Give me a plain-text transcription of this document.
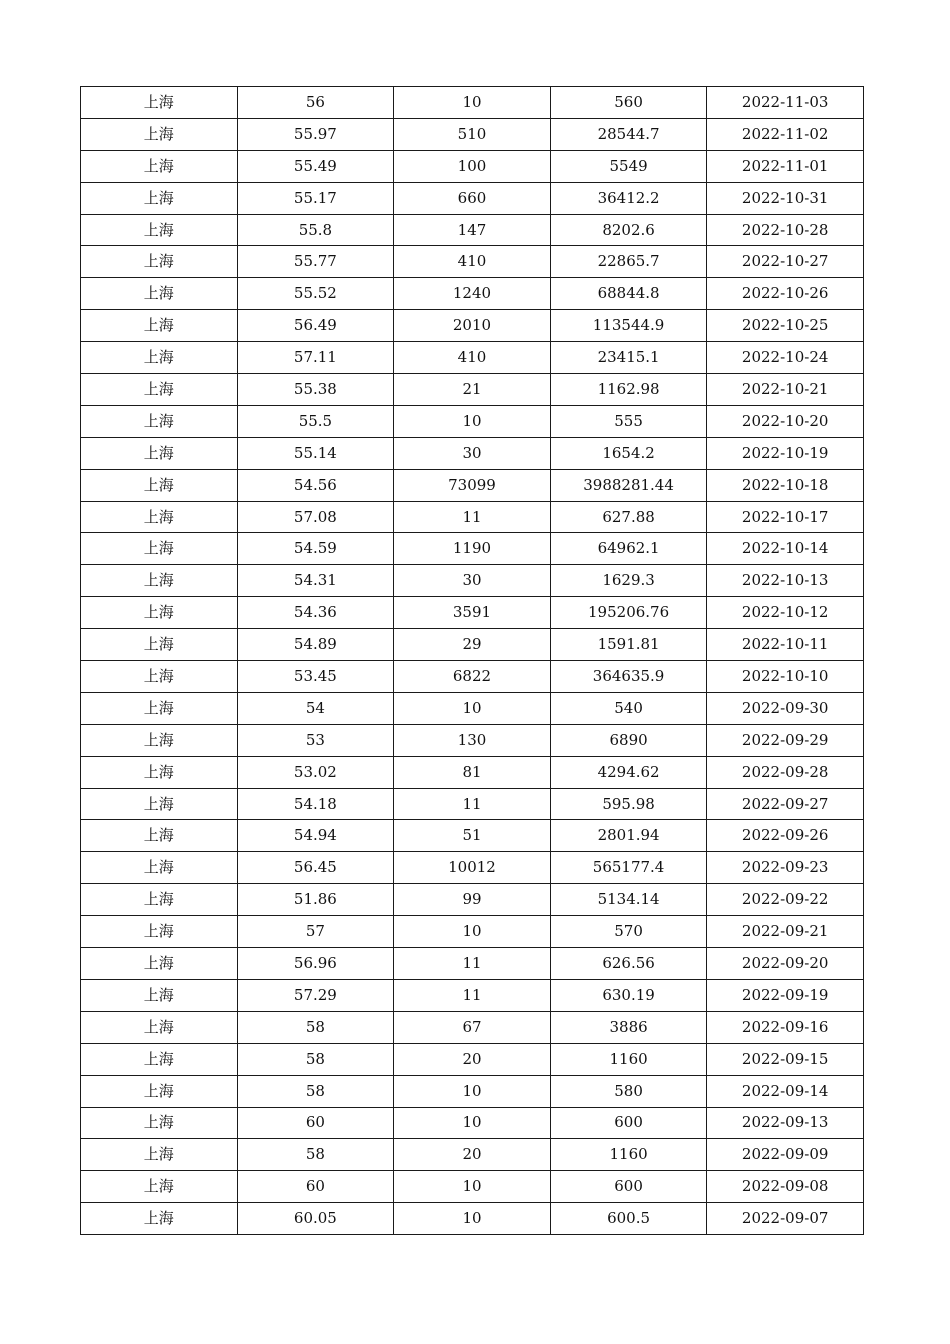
上海	56	10	560	2022-11-03
上海	55.97	510	28544.7	2022-11-02
上海	55.49	100	5549	2022-11-01
上海	55.17	660	36412.2	2022-10-31
上海	55.8	147	8202.6	2022-10-28
上海	55.77	410	22865.7	2022-10-27
上海	55.52	1240	68844.8	2022-10-26
上海	56.49	2010	113544.9	2022-10-25
上海	57.11	410	23415.1	2022-10-24
上海	55.38	21	1162.98	2022-10-21
上海	55.5	10	555	2022-10-20
上海	55.14	30	1654.2	2022-10-19
上海	54.56	73099	3988281.44	2022-10-18
上海	57.08	11	627.88	2022-10-17
上海	54.59	1190	64962.1	2022-10-14
上海	54.31	30	1629.3	2022-10-13
上海	54.36	3591	195206.76	2022-10-12
上海	54.89	29	1591.81	2022-10-11
上海	53.45	6822	364635.9	2022-10-10
上海	54	10	540	2022-09-30
上海	53	130	6890	2022-09-29
上海	53.02	81	4294.62	2022-09-28
上海	54.18	11	595.98	2022-09-27
上海	54.94	51	2801.94	2022-09-26
上海	56.45	10012	565177.4	2022-09-23
上海	51.86	99	5134.14	2022-09-22
上海	57	10	570	2022-09-21
上海	56.96	11	626.56	2022-09-20
上海	57.29	11	630.19	2022-09-19
上海	58	67	3886	2022-09-16
上海	58	20	1160	2022-09-15
上海	58	10	580	2022-09-14
上海	60	10	600	2022-09-13
上海	58	20	1160	2022-09-09
上海	60	10	600	2022-09-08
上海	60.05	10	600.5	2022-09-07
